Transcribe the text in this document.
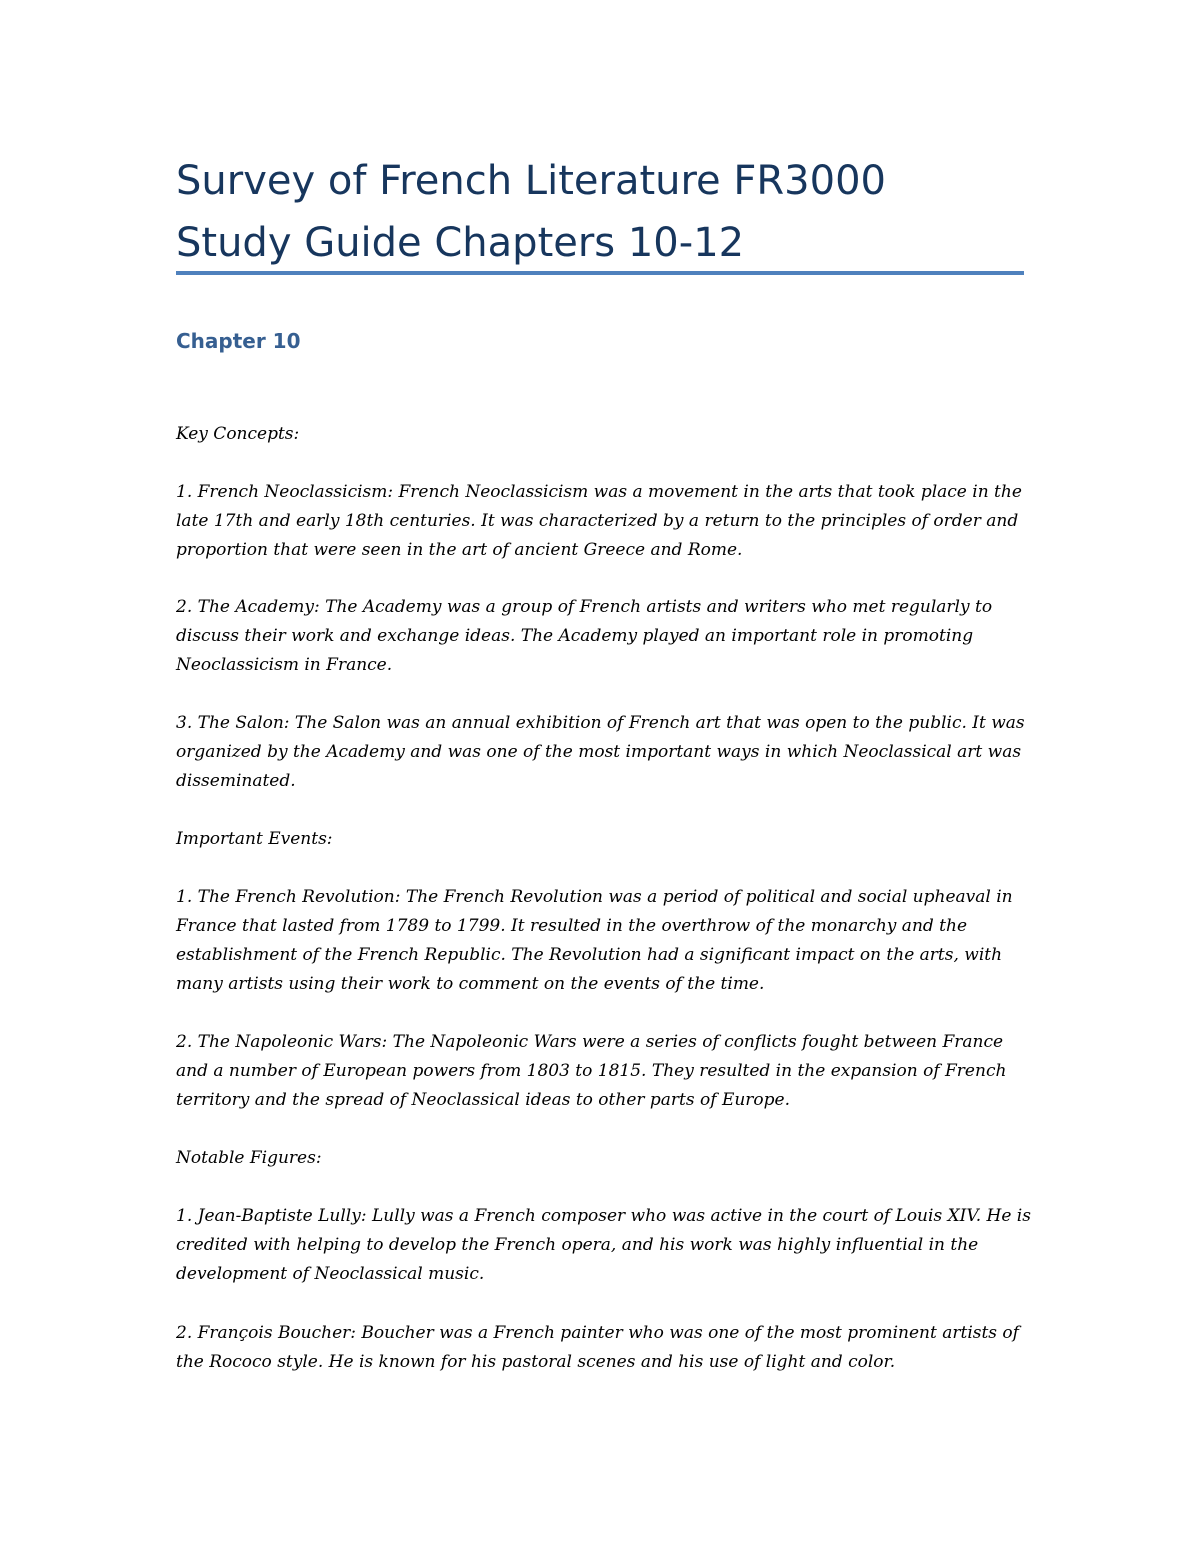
Survey of French Literature FR3000
Study Guide Chapters 10-12
Chapter 10

Key Concepts:

1. French Neoclassicism: French Neoclassicism was a movement in the arts that took place in the late 17th and early 18th centuries. It was characterized by a return to the principles of order and proportion that were seen in the art of ancient Greece and Rome.

2. The Academy: The Academy was a group of French artists and writers who met regularly to discuss their work and exchange ideas. The Academy played an important role in promoting Neoclassicism in France.

3. The Salon: The Salon was an annual exhibition of French art that was open to the public. It was organized by the Academy and was one of the most important ways in which Neoclassical art was disseminated.

Important Events:

1. The French Revolution: The French Revolution was a period of political and social upheaval in France that lasted from 1789 to 1799. It resulted in the overthrow of the monarchy and the establishment of the French Republic. The Revolution had a significant impact on the arts, with many artists using their work to comment on the events of the time.

2. The Napoleonic Wars: The Napoleonic Wars were a series of conflicts fought between France and a number of European powers from 1803 to 1815. They resulted in the expansion of French territory and the spread of Neoclassical ideas to other parts of Europe.

Notable Figures:

1. Jean-Baptiste Lully: Lully was a French composer who was active in the court of Louis XIV. He is credited with helping to develop the French opera, and his work was highly influential in the development of Neoclassical music.

2. François Boucher: Boucher was a French painter who was one of the most prominent artists of the Rococo style. He is known for his pastoral scenes and his use of light and color.
